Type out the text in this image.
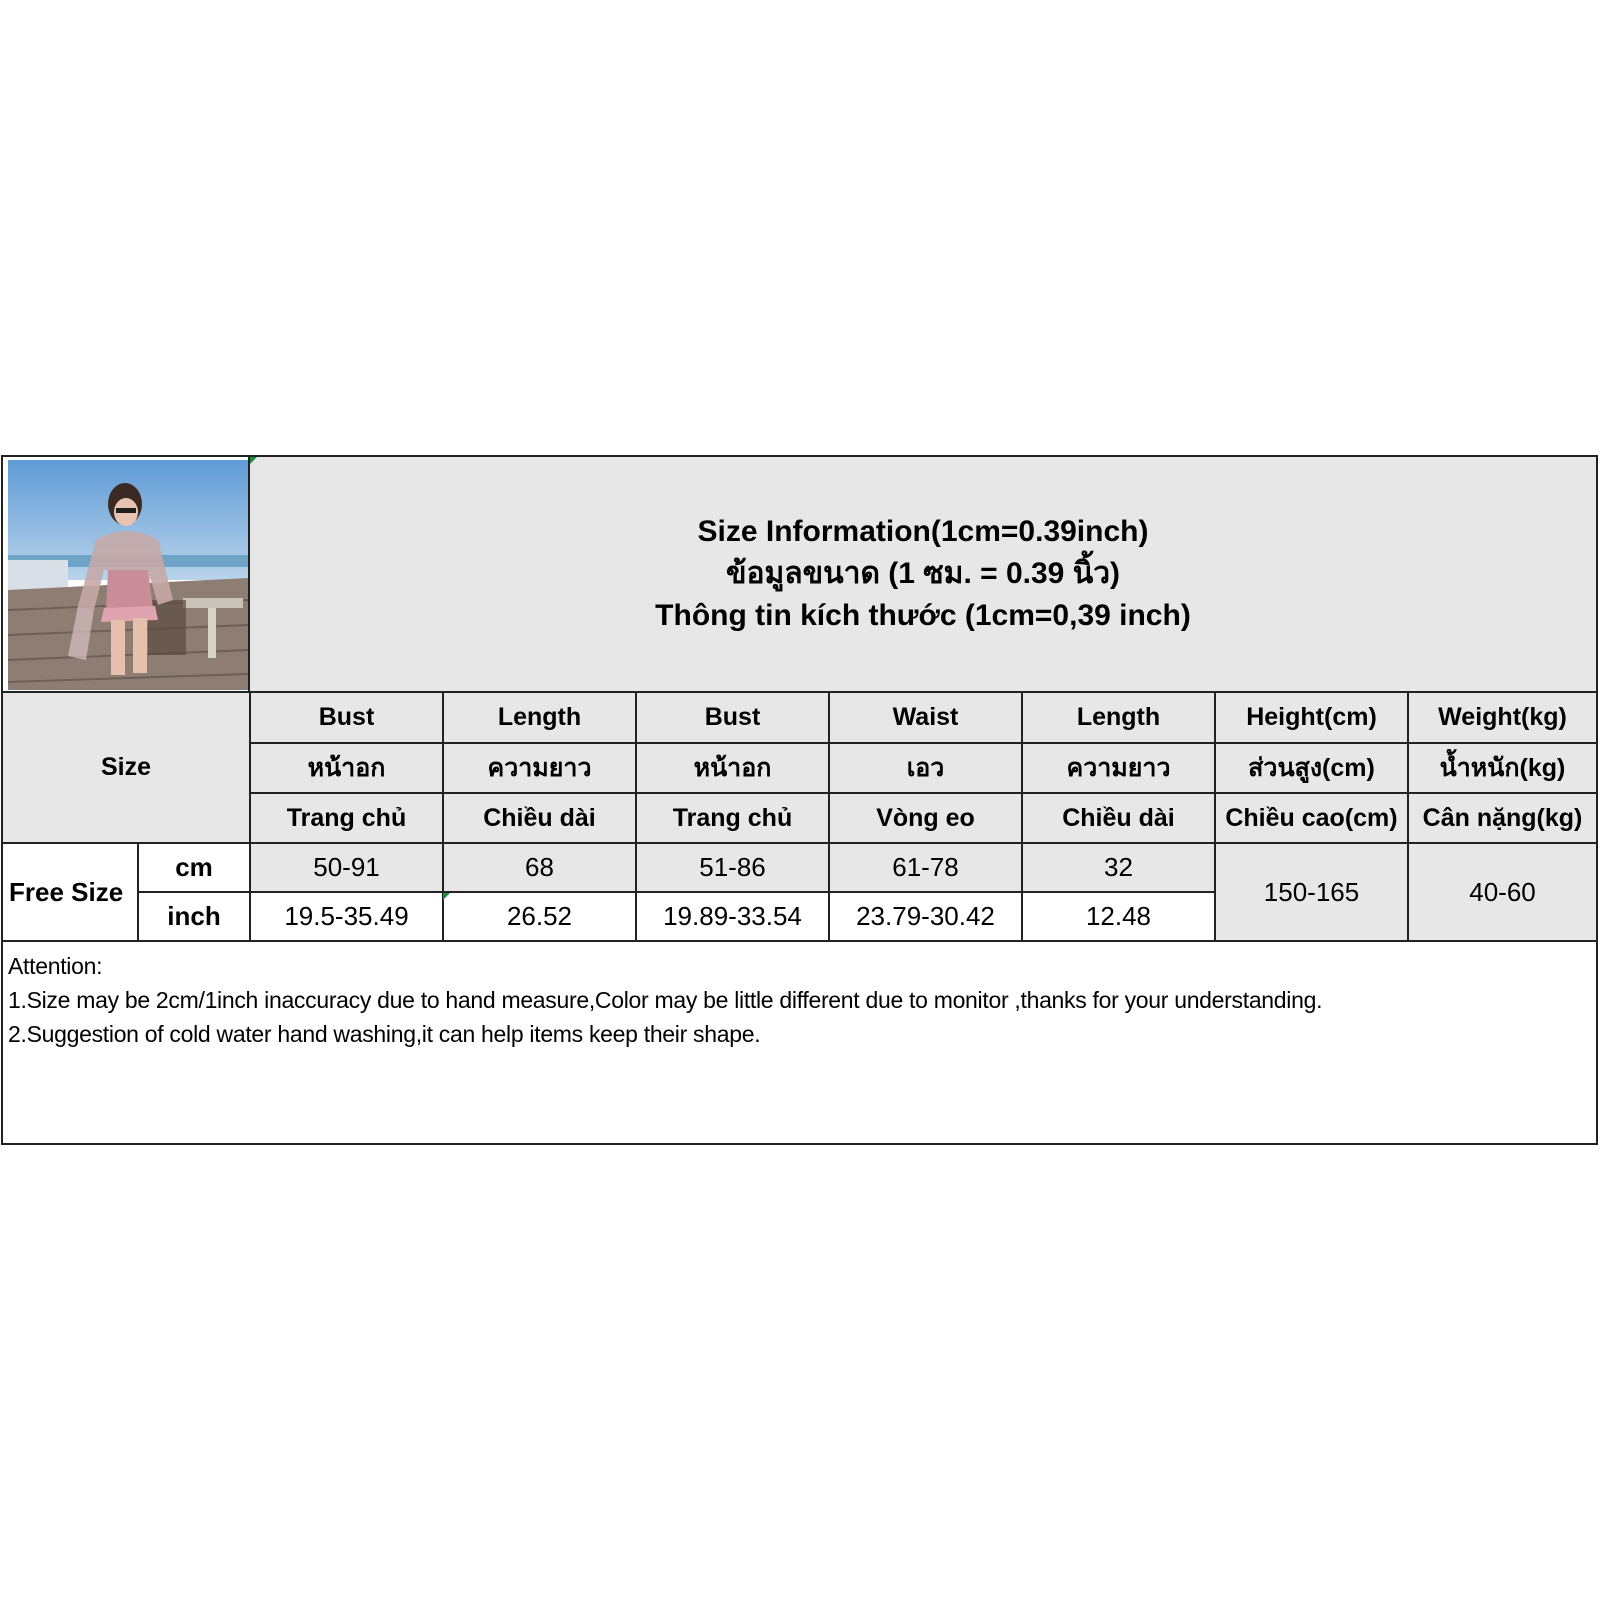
Size Information(1cm=0.39inch)
ข้อมูลขนาด (1 ซม. = 0.39 นิ้ว)
Thông tin kích thước (1cm=0,39 inch)
Size		Bust	Length	Bust	Waist	Length	Height(cm)	Weight(kg)
		หน้าอก	ความยาว	หน้าอก	เอว	ความยาว	ส่วนสูง(cm)	น้ำหนัก(kg)
		Trang chủ	Chiều dài	Trang chủ	Vòng eo	Chiều dài	Chiều cao(cm)	Cân nặng(kg)
Free Size	cm	50-91	68	51-86	61-78	32	150-165	40-60
	inch	19.5-35.49	26.52	19.89-33.54	23.79-30.42	12.48		
Attention:
1.Size may be 2cm/1inch inaccuracy due to hand measure,Color may be little different due to monitor ,thanks for your understanding.
2.Suggestion of cold water hand washing,it can help items keep their shape.
